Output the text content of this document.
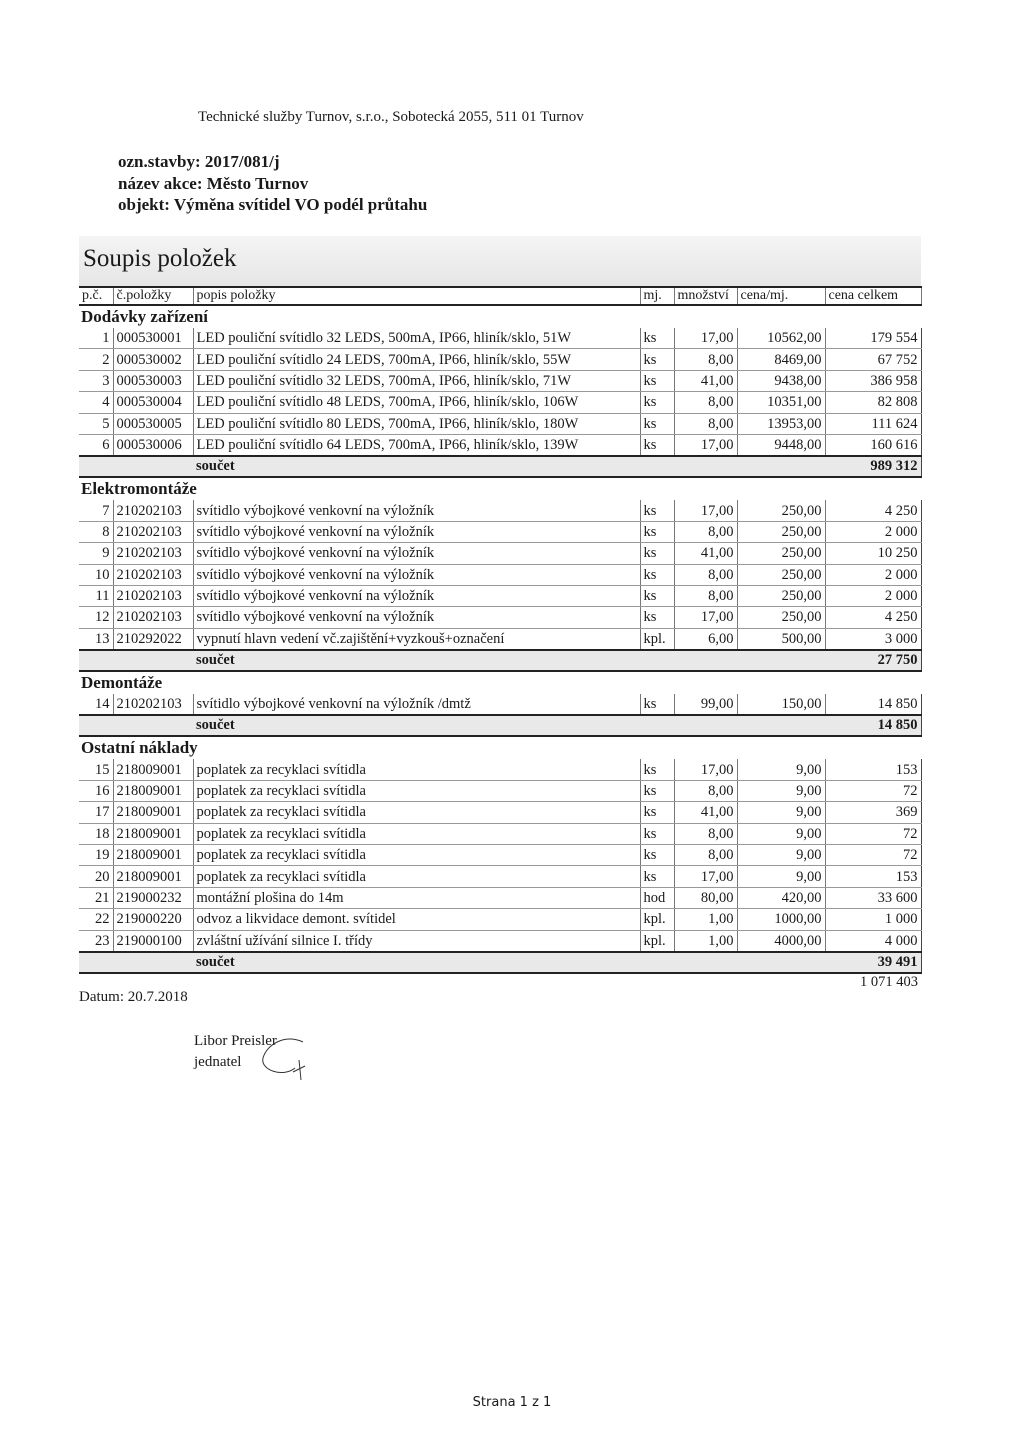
Technické služby Turnov, s.r.o., Sobotecká 2055, 511 01 Turnov
ozn.stavby: 2017/081/j
název akce: Město Turnov
objekt: Výměna svítidel VO podél průtahu
Soupis položek
p.č.	č.položky	popis položky	mj.	množství	cena/mj.	cena celkem
Dodávky zařízení						
1	000530001	LED pouliční svítidlo 32 LEDS, 500mA, IP66, hliník/sklo, 51W	ks	17,00	10562,00	179 554
2	000530002	LED pouliční svítidlo 24 LEDS, 700mA, IP66, hliník/sklo, 55W	ks	8,00	8469,00	67 752
3	000530003	LED pouliční svítidlo 32 LEDS, 700mA, IP66, hliník/sklo, 71W	ks	41,00	9438,00	386 958
4	000530004	LED pouliční svítidlo 48 LEDS, 700mA, IP66, hliník/sklo, 106W	ks	8,00	10351,00	82 808
5	000530005	LED pouliční svítidlo 80 LEDS, 700mA, IP66, hliník/sklo, 180W	ks	8,00	13953,00	111 624
6	000530006	LED pouliční svítidlo 64 LEDS, 700mA, IP66, hliník/sklo, 139W	ks	17,00	9448,00	160 616
		součet				989 312
Elektromontáže						
7	210202103	svítidlo výbojkové venkovní na výložník	ks	17,00	250,00	4 250
8	210202103	svítidlo výbojkové venkovní na výložník	ks	8,00	250,00	2 000
9	210202103	svítidlo výbojkové venkovní na výložník	ks	41,00	250,00	10 250
10	210202103	svítidlo výbojkové venkovní na výložník	ks	8,00	250,00	2 000
11	210202103	svítidlo výbojkové venkovní na výložník	ks	8,00	250,00	2 000
12	210202103	svítidlo výbojkové venkovní na výložník	ks	17,00	250,00	4 250
13	210292022	vypnutí hlavn vedení vč.zajištění+vyzkouš+označení	kpl.	6,00	500,00	3 000
		součet				27 750
Demontáže						
14	210202103	svítidlo výbojkové venkovní na výložník /dmtž	ks	99,00	150,00	14 850
		součet				14 850
Ostatní náklady						
15	218009001	poplatek za recyklaci svítidla	ks	17,00	9,00	153
16	218009001	poplatek za recyklaci svítidla	ks	8,00	9,00	72
17	218009001	poplatek za recyklaci svítidla	ks	41,00	9,00	369
18	218009001	poplatek za recyklaci svítidla	ks	8,00	9,00	72
19	218009001	poplatek za recyklaci svítidla	ks	8,00	9,00	72
20	218009001	poplatek za recyklaci svítidla	ks	17,00	9,00	153
21	219000232	montážní plošina do 14m	hod	80,00	420,00	33 600
22	219000220	odvoz a likvidace demont. svítidel	kpl.	1,00	1000,00	1 000
23	219000100	zvláštní užívání silnice I. třídy	kpl.	1,00	4000,00	4 000
		součet				39 491
						1 071 403
Datum: 20.7.2018
Libor Preisler
jednatel
Strana 1 z 1
